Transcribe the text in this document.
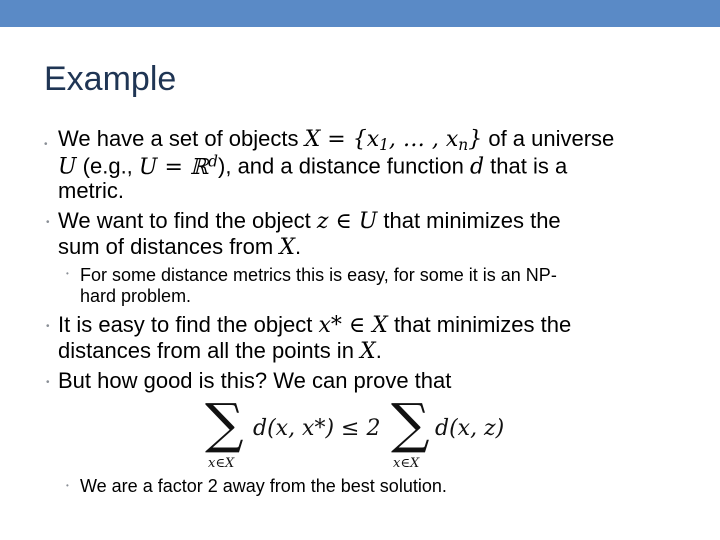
Example
• We have a set of objects $X = \{x_1$, … , $x_n$} of a universe
U (e.g., U = ℝ$^d$), and a distance function d that is a
metric.
• We want to find the object z ∈ U that minimizes the
sum of distances from X.
• For some distance metrics this is easy, for some it is an NP-
hard problem.
• It is easy to find the object x* ∈ X that minimizes the
distances from all the points in X.
• But how good is this? We can prove that
∑
x∈X
d(x, x*) ≤ 2 ∑
x∈X
d(x, z)
• We are a factor 2 away from the best solution.
